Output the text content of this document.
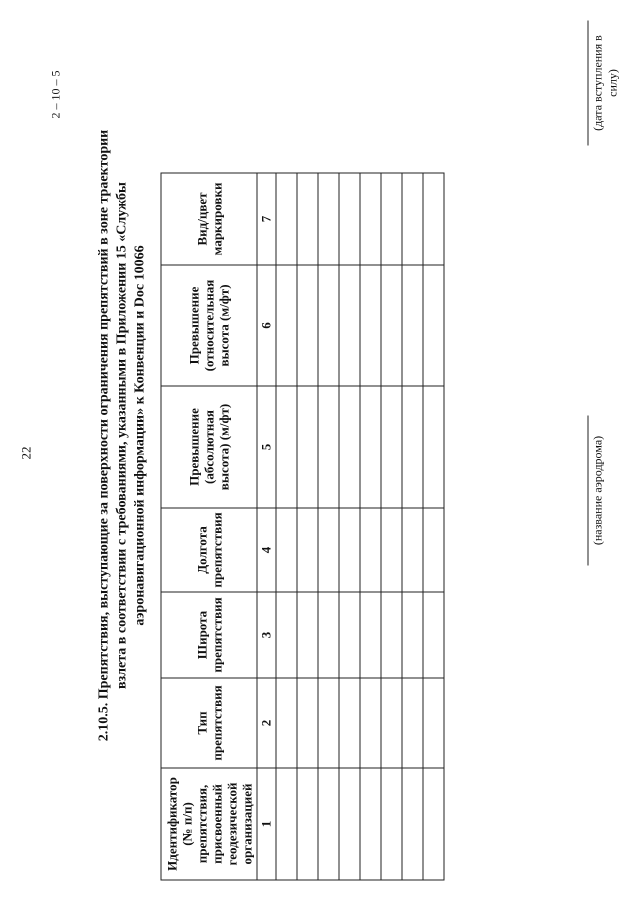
22
2 – 10 – 5
2.10.5. Препятствия, выступающие за поверхности ограничения препятствий в зоне траектории взлета в соответствии с требованиями, указанными в Приложении 15 «Службы аэронавигационной информации» к Конвенции и Doc 10066
Идентификатор (№ п/п) препятствия, присвоенный геодезической организацией	Тип препятствия	Широта препятствия	Долгота препятствия	Превышение (абсолютная высота) (м/фт)	Превышение (относительная высота (м/фт)	Вид/цвет маркировки
1	2	3	4	5	6	7

(название аэродрома)
(дата вступления в силу)
